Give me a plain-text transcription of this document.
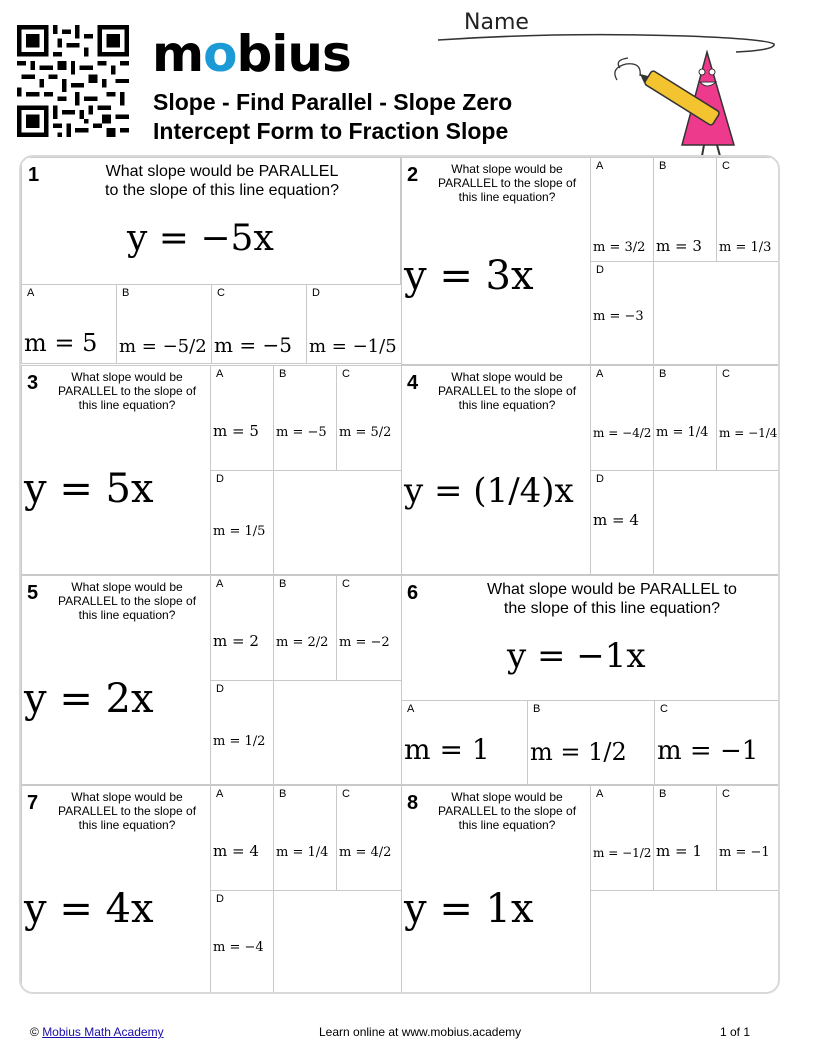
mobius
Slope - Find Parallel - Slope Zero
Intercept Form to Fraction Slope
Name
1	What slope would be PARALLEL to the slope of this line equation?
y = −5x
A
m = 5
B
m = −5/2
C
m = −5
D
m = −1/5
2	What slope would be PARALLEL to the slope of this line equation?
y = 3x
A
m = 3/2
B
m = 3
C
m = 1/3
D
m = −3
3	What slope would be PARALLEL to the slope of this line equation?
y = 5x
A
m = 5
B
m = −5
C
m = 5/2
D
m = 1/5
4	What slope would be PARALLEL to the slope of this line equation?
y = (1/4)x
A
m = −4/2
B
m = 1/4
C
m = −1/4
D
m = 4
5	What slope would be PARALLEL to the slope of this line equation?
y = 2x
A
m = 2
B
m = 2/2
C
m = −2
D
m = 1/2
6	What slope would be PARALLEL to the slope of this line equation?
y = −1x
A
m = 1
B
m = 1/2
C
m = −1
7	What slope would be PARALLEL to the slope of this line equation?
y = 4x
A
m = 4
B
m = 1/4
C
m = 4/2
D
m = −4
8	What slope would be PARALLEL to the slope of this line equation?
y = 1x
A
m = −1/2
B
m = 1
C
m = −1
© Mobius Math Academy	Learn online at www.mobius.academy	1 of 1
